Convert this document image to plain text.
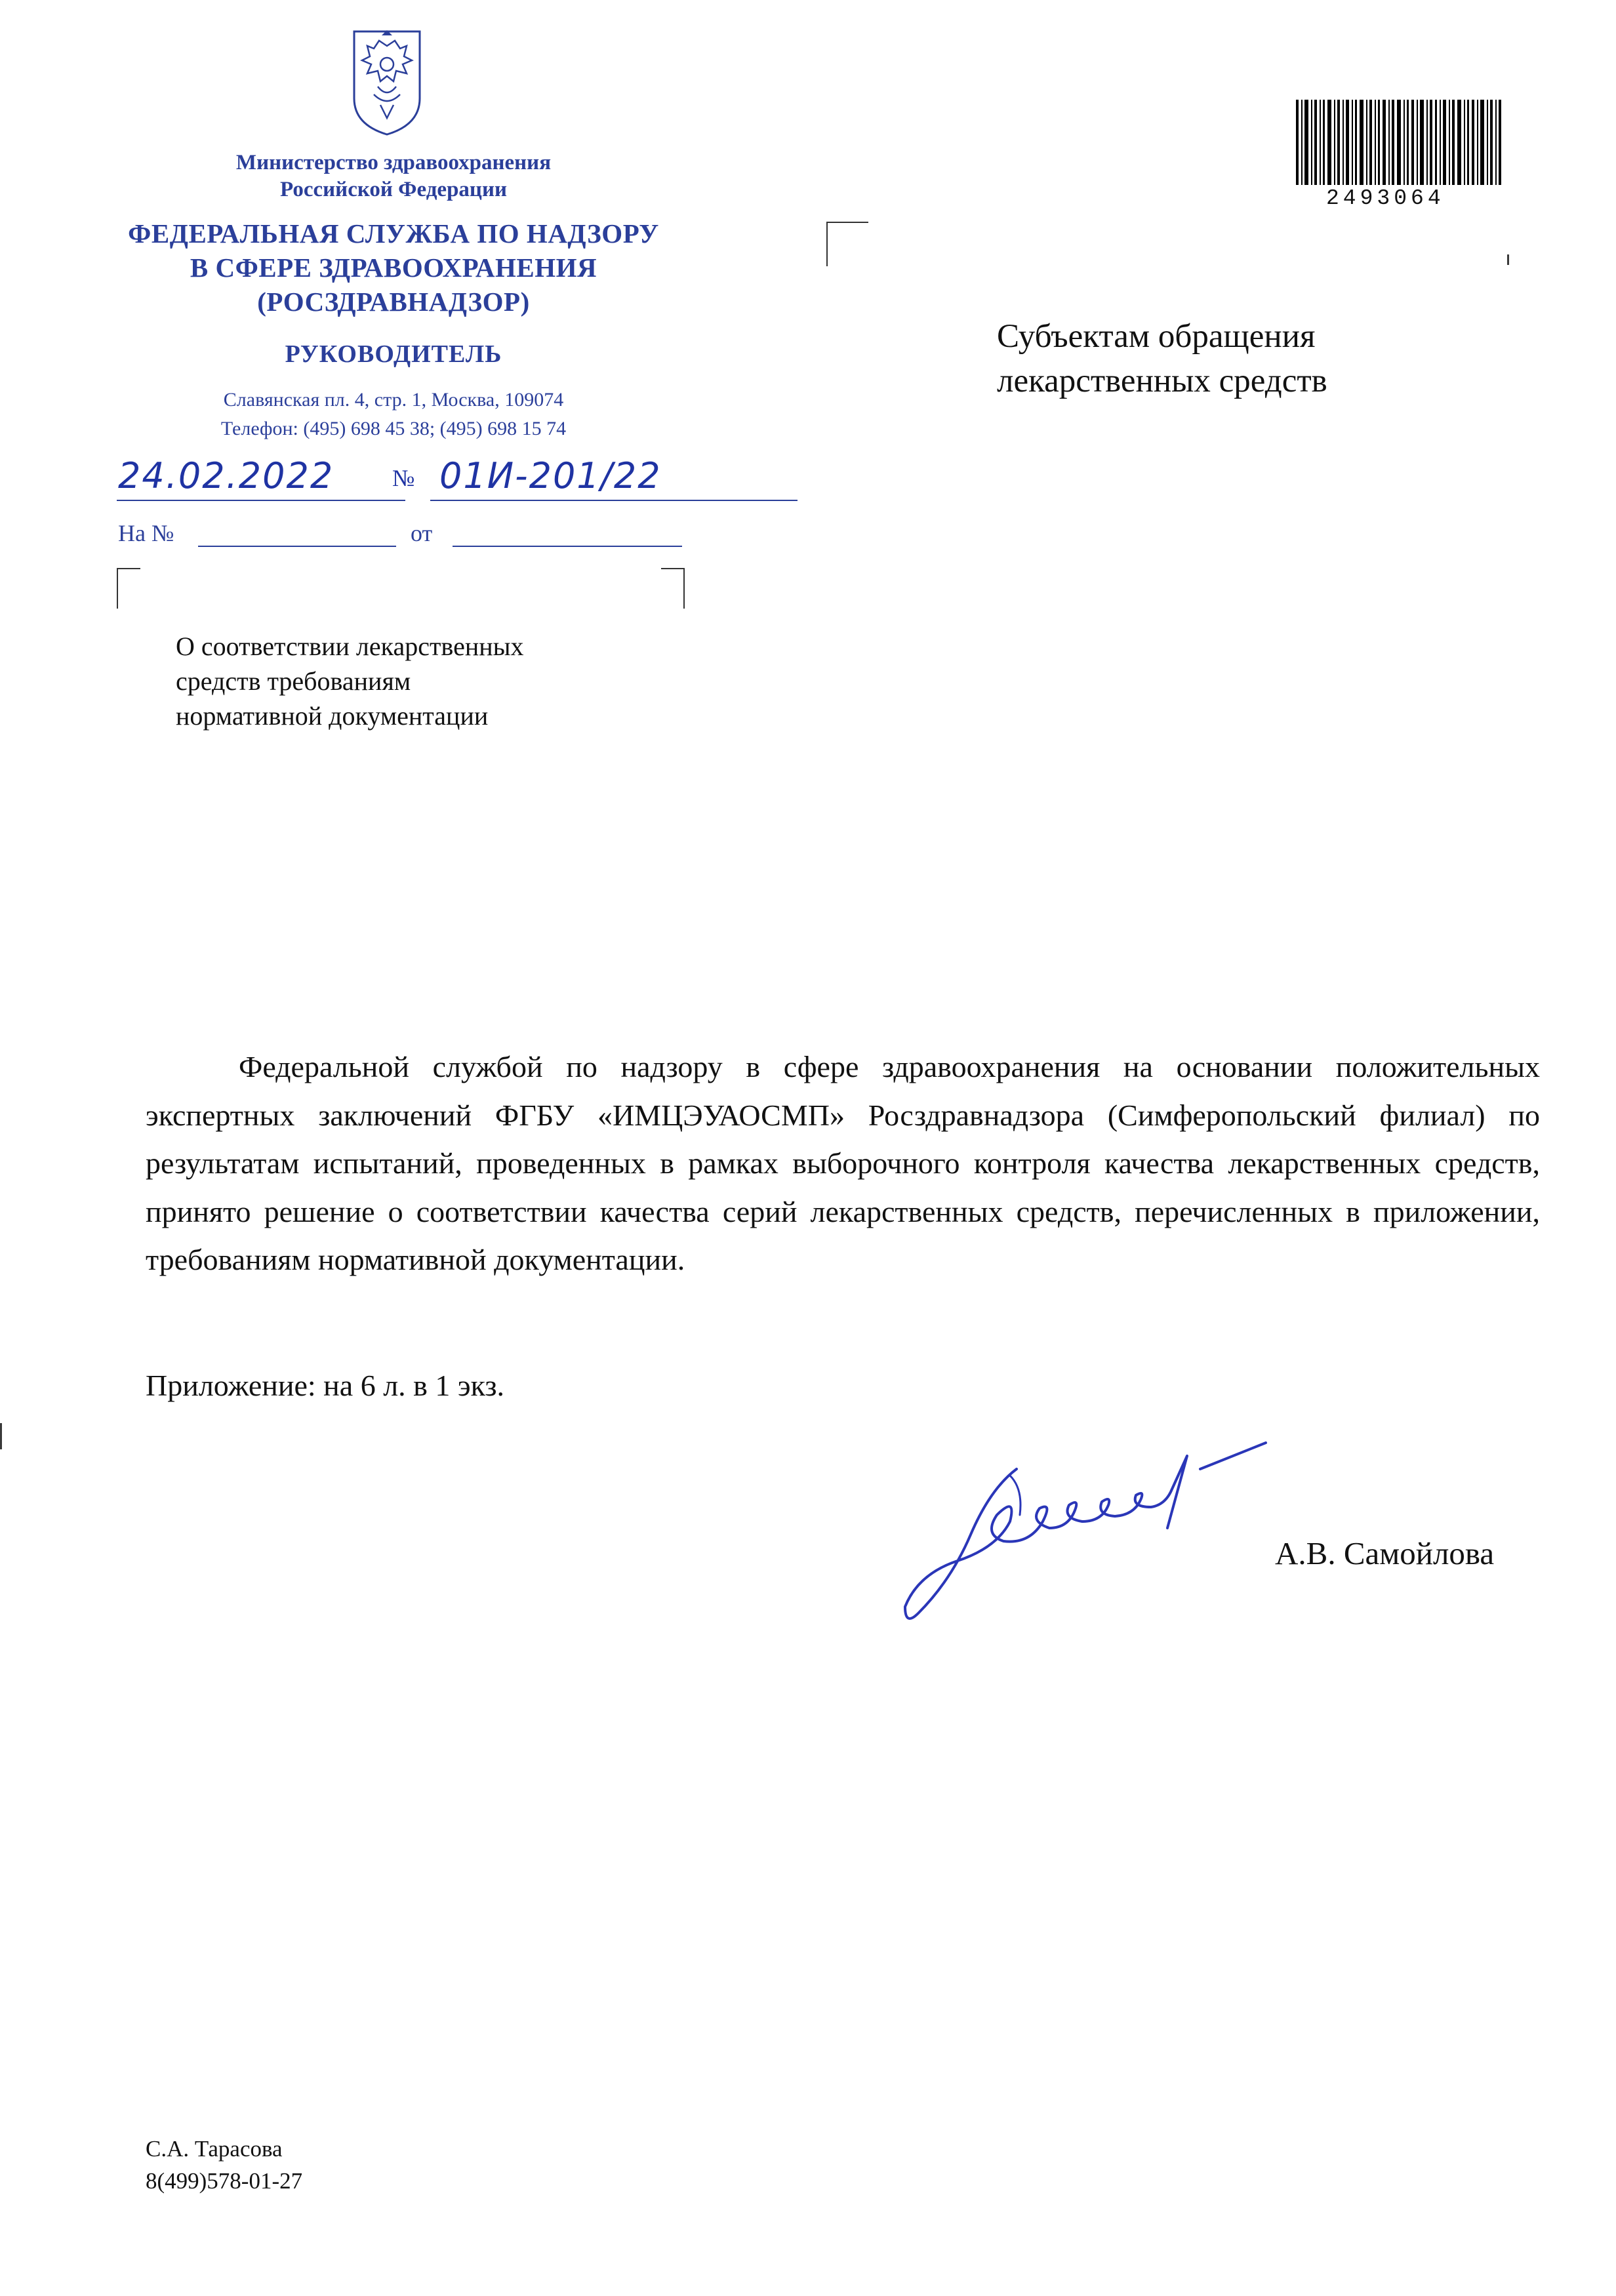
Министерство здравоохранения
Российской Федерации
ФЕДЕРАЛЬНАЯ СЛУЖБА ПО НАДЗОРУ
В СФЕРЕ ЗДРАВООХРАНЕНИЯ
(РОСЗДРАВНАДЗОР)
РУКОВОДИТЕЛЬ
Славянская пл. 4, стр. 1, Москва, 109074
Телефон: (495) 698 45 38; (495) 698 15 74
24.02.2022 № 01И-201/22
На №	от
О соответствии лекарственных
средств требованиям
нормативной документации
Субъектам обращения
лекарственных средств
2493064
Федеральной службой по надзору в сфере здравоохранения на основании положительных экспертных заключений ФГБУ «ИМЦЭУАОСМП» Росздравнадзора (Симферопольский филиал) по результатам испытаний, проведенных в рамках выборочного контроля качества лекарственных средств, принято решение о соответствии качества серий лекарственных средств, перечисленных в приложении, требованиям нормативной документации.
Приложение: на 6 л. в 1 экз.
А.В. Самойлова
С.А. Тарасова
8(499)578-01-27
